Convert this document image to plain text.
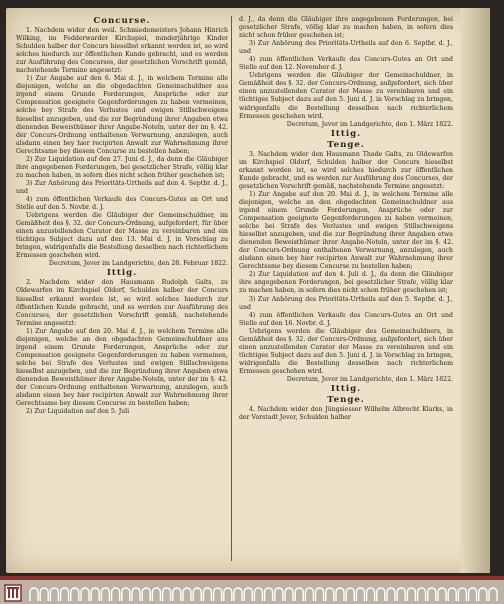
Concurse.

1. Nachdem wider den weil. Schmiedemeisters Johann Hinrich Wilking, im Fedderwarder Kirchspiel, minderjährige Kinder Schulden halber der Concurs hieselbst erkannt worden ist, so wird solches hiedurch zur öffentlichen Kunde gebracht, und es werden zur Ausführung des Concurses, der gesetzlichen Vorschrift gemäß, nachstehende Termine angesetzt:

1) Zur Angabe auf den 6. Mai d. J., in welchem Termine alle diejenigen, welche an die obgedachten Gemeinschuldner aus irgend einem Grunde Forderungen, Ansprüche oder zur Compensation geeignete Gegenforderungen zu haben vermeinen, solche bey Strafe des Verlustes und ewigen Stillschweigens hieselbst anzugeben, und die zur Begründung ihrer Angaben etwa dienenden Beweisthümer ihrer Angabe-Noteln, unter der im §. 42. der Concurs-Ordnung enthaltenen Verwarnung, anzulegen, auch alsdann einen bey hier recipirten Anwalt zur Wahrnehmung ihrer Gerechtsame bey diesem Concurse zu bestellen haben;

2) Zur Liquidation auf den 27. Juni d. J., da denn die Gläubiger ihre angegebenen Forderungen, bei gesetzlicher Strafe, völlig klar zu machen haben, in sofern dies nicht schon früher geschehen ist;

3) Zur Anhörung des Prioritäts-Urtheils auf den 4. Septbr. d. J., und

4) zum öffentlichen Verkaufe des Concurs-Gutes an Ort und Stelle auf den 5. Novbr. d. J.

Uebrigens werden die Gläubiger der Gemeinschuldner, im Gemäßheit des §. 32. der Concurs-Ordnung, aufgefordert, für über einen anzustellenden Curator der Masse zu vereinbaren und ein tüchtiges Subject dazu auf den 13. Mai d. J. in Vorschlag zu bringen, widrigenfalls die Bestellung desselben nach richterlichem Ermessen geschehen wird.

Decretum, Jever im Landgerichte, den 28. Februar 1822.

Ittig.

2. Nachdem wider den Hausmann Rudolph Galts, zu Oldewarfen im Kirchspiel Oldorf, Schulden halber der Concurs hieselbst erkannt worden ist, so wird solches hiedurch zur öffentlichen Kunde gebracht, und es werden zur Ausführung des Concurses, der gesetzlichen Vorschrift gemäß, nachstehende Termine angesetzt:

1) Zur Angabe auf den 20. Mai d. J., in welchem Termine alle diejenigen, welche an den obgedachten Gemeinschuldner aus irgend einem Grunde Forderungen, Ansprüche oder zur Compensation geeignete Gegenforderungen zu haben vermeinen, solche bei Strafe des Verlustes und ewigen Stillschweigens hieselbst anzugeben, und die zur Begründung ihrer Angaben etwa dienenden Beweisthümer ihrer Angabe-Noteln, unter der im §. 42. der Concurs-Ordnung enthaltenen Verwarnung, anzulegen, auch alsdann einen bey hier recipirten Anwalt zur Wahrnehmung ihrer Gerechtsame bey diesem Concurse zu bestellen haben;

2) Zur Liquidation auf den 5. Juli

d. J., da denn die Gläubiger ihre angegebenen Forderungen, bei gesetzlicher Strafe, völlig klar zu machen haben, in sofern dies nicht schon früher geschehen ist;

3) Zur Anhörung des Prioritäts-Urtheils auf den 6. Septbr. d. J., und

4) zum öffentlichen Verkaufe des Concurs-Gutes an Ort und Stelle auf den 12. November d. J.

Uebrigens werden die Gläubiger der Gemeinschuldner, in Gemäßheit des §. 32. der Concurs-Ordnung, aufgefordert, sich über einen anzustellenden Curator der Masse zu vereinbaren und ein tüchtiges Subject dazu auf den 5. Juni d. J. in Vorschlag zu bringen, widrigenfalls die Bestellung desselben nach richterlichem Ermessen geschehen wird.

Decretum, Jever im Landgerichte, den 1. März 1822.

Ittig.
Tenge.

3. Nachdem wider den Hausmann Thade Galts, zu Oldewarfen im Kirchspiel Oldorf, Schulden halber der Concurs hieselbst erkannt worden ist, so wird solches hiedurch zur öffentlichen Kunde gebracht, und es werden zur Ausführung des Concurses, der gesetzlichen Vorschrift gemäß, nachstehende Termine angesetzt:

1) Zur Angabe auf den 20. Mai d. J., in welchem Termine alle diejenigen, welche an den obgedachten Gemeinschuldner aus irgend einem Grunde Forderungen, Ansprüche oder zur Compensation geeignete Gegenforderungen zu haben vermeinen, solche bei Strafe des Verlustes und ewigen Stillschweigens hieselbst anzugeben, und die zur Begründung ihrer Angaben etwa dienenden Beweisthümer ihrer Angabe-Noteln, unter der im §. 42. der Concurs-Ordnung enthaltenen Verwarnung, anzulegen, auch alsdann einen bey hier recipirten Anwalt zur Wahrnehmung ihrer Gerechtsame bey diesem Concurse zu bestellen haben;

2) Zur Liquidation auf den 4. Juli d. J., da denn die Gläubiger ihre angegebenen Forderungen, bei gesetzlicher Strafe, völlig klar zu machen haben, in sofern dies nicht schon früher geschehen ist;

3) Zur Anhörung des Prioritäts-Urtheils auf den 5. Septbr. d. J., und

4) zum öffentlichen Verkaufe des Concurs-Gutes an Ort und Stelle auf den 16. Novbr. d. J.

Uebrigens werden die Gläubiger des Gemeinschuldners, in Gemäßheit des §. 32. der Concurs-Ordnung, aufgefordert, sich über einen anzustellenden Curator der Masse zu vereinbaren und ein tüchtiges Subject dazu auf den 5. Juni d. J. in Vorschlag zu bringen, widrigenfalls die Bestellung desselben nach richterlichem Ermessen geschehen wird.

Decretum, Jever im Landgerichte, den 1. März 1822.

Ittig.
Tenge.

4. Nachdem wider den Jüngsiesser Wilhelm Albrecht Klarks, in der Vorstadt Jever, Schulden halber
